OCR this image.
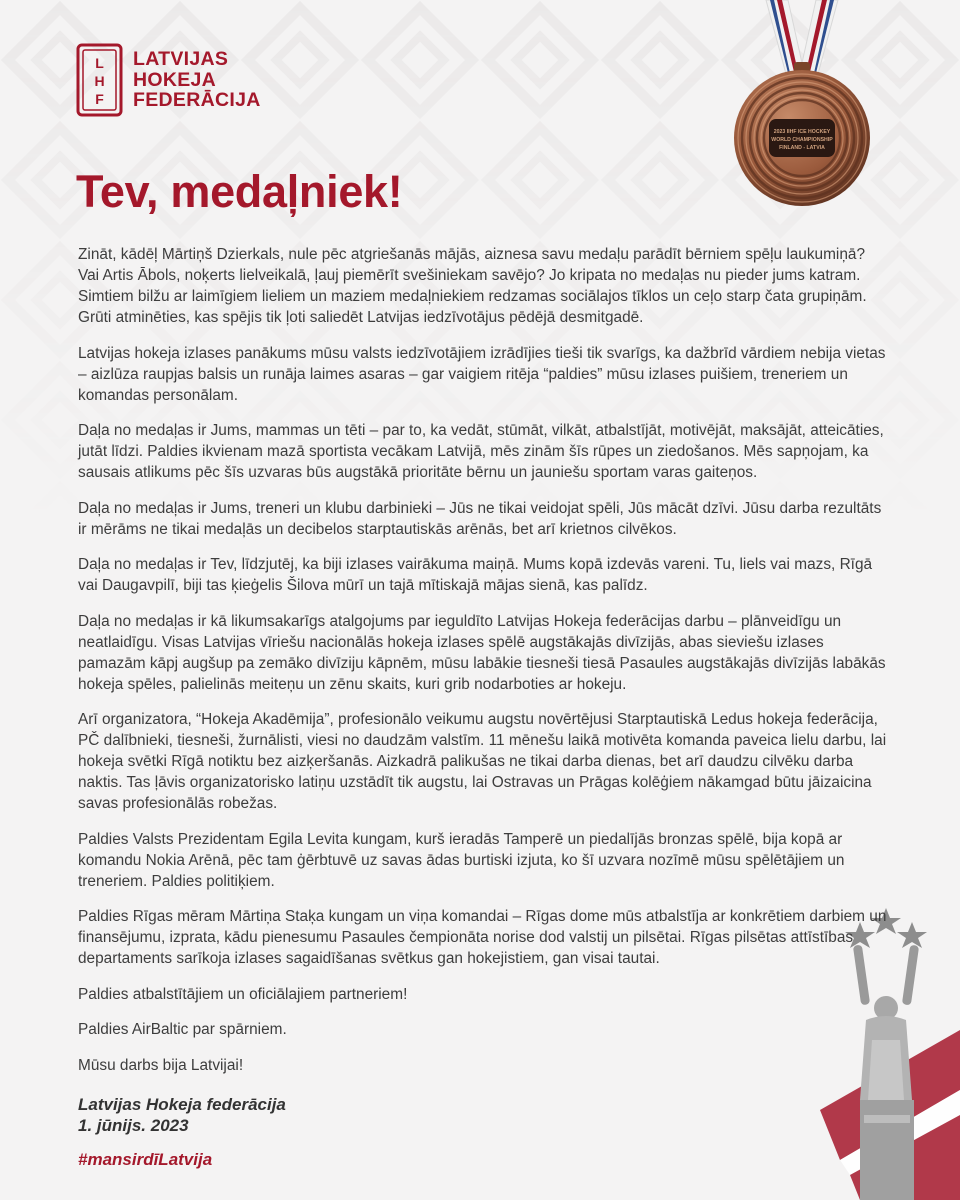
L
H
F
LATVIJAS
HOKEJA
FEDERĀCIJA
2023 IIHF ICE HOCKEY
WORLD CHAMPIONSHIP
FINLAND - LATVIA
Tev, medaļniek!

Zināt, kādēļ Mārtiņš Dzierkals, nule pēc atgriešanās mājās, aiznesa savu medaļu parādīt bērniem spēļu laukumiņā? Vai Artis Ābols, noķerts lielveikalā, ļauj piemērīt svešiniekam savējo? Jo kripata no medaļas nu pieder jums katram. Simtiem bilžu ar laimīgiem lieliem un maziem medaļniekiem redzamas sociālajos tīklos un ceļo starp čata grupiņām. Grūti atminēties, kas spējis tik ļoti saliedēt Latvijas iedzīvotājus pēdējā desmitgadē.

Latvijas hokeja izlases panākums mūsu valsts iedzīvotājiem izrādījies tieši tik svarīgs, ka dažbrīd vārdiem nebija vietas – aizlūza raupjas balsis un runāja laimes asaras – gar vaigiem ritēja “paldies” mūsu izlases puišiem, treneriem un komandas personālam.

Daļa no medaļas ir Jums, mammas un tēti – par to, ka vedāt, stūmāt, vilkāt, atbalstījāt, motivējāt, maksājāt, atteicāties, jutāt līdzi. Paldies ikvienam mazā sportista vecākam Latvijā, mēs zinām šīs rūpes un ziedošanos. Mēs sapņojam, ka sausais atlikums pēc šīs uzvaras būs augstākā prioritāte bērnu un jauniešu sportam varas gaiteņos.

Daļa no medaļas ir Jums, treneri un klubu darbinieki – Jūs ne tikai veidojat spēli, Jūs mācāt dzīvi. Jūsu darba rezultāts ir mērāms ne tikai medaļās un decibelos starptautiskās arēnās, bet arī krietnos cilvēkos.

Daļa no medaļas ir Tev, līdzjutēj, ka biji izlases vairākuma maiņā. Mums kopā izdevās vareni. Tu, liels vai mazs, Rīgā vai Daugavpilī, biji tas ķieģelis Šilova mūrī un tajā mītiskajā mājas sienā, kas palīdz.

Daļa no medaļas ir kā likumsakarīgs atalgojums par ieguldīto Latvijas Hokeja federācijas darbu – plānveidīgu un neatlaidīgu. Visas Latvijas vīriešu nacionālās hokeja izlases spēlē augstākajās divīzijās, abas sieviešu izlases pamazām kāpj augšup pa zemāko divīziju kāpnēm, mūsu labākie tiesneši tiesā Pasaules augstākajās divīzijās labākās hokeja spēles, palielinās meiteņu un zēnu skaits, kuri grib nodarboties ar hokeju.

Arī organizatora, “Hokeja Akadēmija”, profesionālo veikumu augstu novērtējusi Starptautiskā Ledus hokeja federācija, PČ dalībnieki, tiesneši, žurnālisti, viesi no daudzām valstīm. 11 mēnešu laikā motivēta komanda paveica lielu darbu, lai hokeja svētki Rīgā notiktu bez aizķeršanās. Aizkadrā palikušas ne tikai darba dienas, bet arī daudzu cilvēku darba naktis. Tas ļāvis organizatorisko latiņu uzstādīt tik augstu, lai Ostravas un Prāgas kolēģiem nākamgad būtu jāizaicina savas profesionālās robežas.

Paldies Valsts Prezidentam Egila Levita kungam, kurš ieradās Tamperē un piedalījās bronzas spēlē, bija kopā ar komandu Nokia Arēnā, pēc tam ģērbtuvē uz savas ādas burtiski izjuta, ko šī uzvara nozīmē mūsu spēlētājiem un treneriem. Paldies politiķiem.

Paldies Rīgas mēram Mārtiņa Staķa kungam un viņa komandai – Rīgas dome mūs atbalstīja ar konkrētiem darbiem un finansējumu, izprata, kādu pienesumu Pasaules čempionāta norise dod valstij un pilsētai. Rīgas pilsētas attīstības departaments sarīkoja izlases sagaidīšanas svētkus gan hokejistiem, gan visai tautai.

Paldies atbalstītājiem un oficiālajiem partneriem!

Paldies AirBaltic par spārniem.

Mūsu darbs bija Latvijai!

Latvijas Hokeja federācija
1. jūnijs. 2023
#mansirdīLatvija
